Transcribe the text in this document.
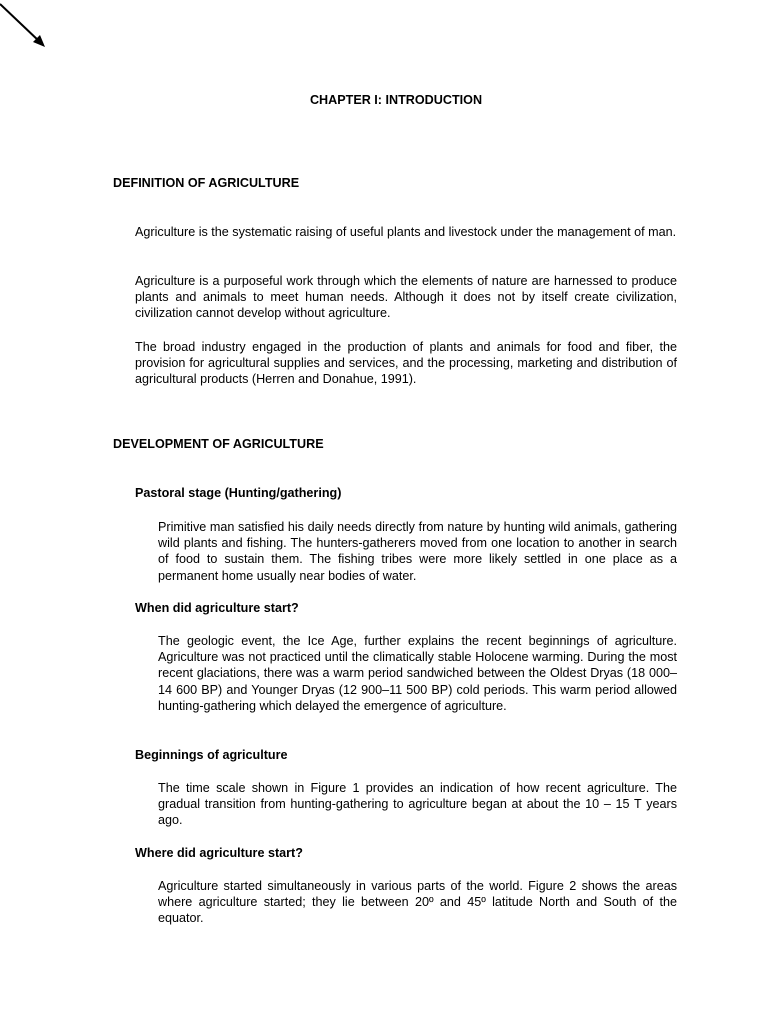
CHAPTER I: INTRODUCTION
DEFINITION OF AGRICULTURE

Agriculture is the systematic raising of useful plants and livestock under the management of man.

Agriculture is a purposeful work through which the elements of nature are harnessed to produce plants and animals to meet human needs. Although it does not by itself create civilization, civilization cannot develop without agriculture.

The broad industry engaged in the production of plants and animals for food and fiber, the provision for agricultural supplies and services, and the processing, marketing and distribution of agricultural products (Herren and Donahue, 1991).

DEVELOPMENT OF AGRICULTURE
Pastoral stage (Hunting/gathering)

Primitive man satisfied his daily needs directly from nature by hunting wild animals, gathering wild plants and fishing. The hunters-gatherers moved from one location to another in search of food to sustain them. The fishing tribes were more likely settled in one place as a permanent home usually near bodies of water.

When did agriculture start?

The geologic event, the Ice Age, further explains the recent beginnings of agriculture. Agriculture was not practiced until the climatically stable Holocene warming. During the most recent glaciations, there was a warm period sandwiched between the Oldest Dryas (18 000–14 600 BP) and Younger Dryas (12 900–11 500 BP) cold periods. This warm period allowed hunting-gathering which delayed the emergence of agriculture.

Beginnings of agriculture

The time scale shown in Figure 1 provides an indication of how recent agriculture. The gradual transition from hunting-gathering to agriculture began at about the 10 – 15 T years ago.

Where did agriculture start?

Agriculture started simultaneously in various parts of the world. Figure 2 shows the areas where agriculture started; they lie between 20º and 45º latitude North and South of the equator.
